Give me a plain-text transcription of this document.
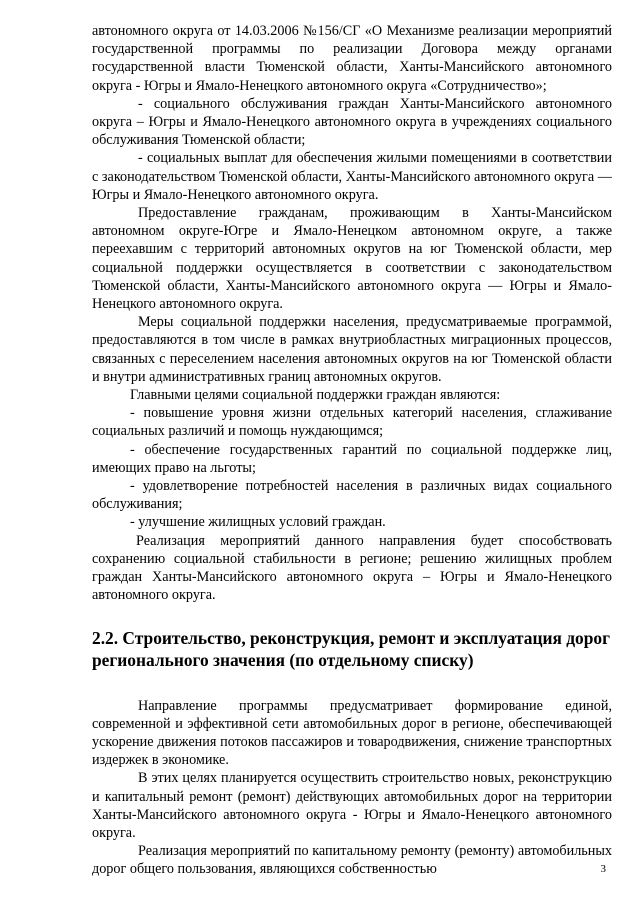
автономного округа от 14.03.2006 №156/СГ «О Механизме реализации мероприятий государственной программы по реализации Договора между органами государственной власти Тюменской области, Ханты-Мансийского автономного округа - Югры и Ямало-Ненецкого автономного округа «Сотрудничество»;

- социального обслуживания граждан Ханты-Мансийского автономного округа – Югры и Ямало-Ненецкого автономного округа в учреждениях социального обслуживания Тюменской области;

- социальных выплат для обеспечения жилыми помещениями в соответствии с законодательством Тюменской области, Ханты-Мансийского автономного округа — Югры и Ямало-Ненецкого автономного округа.

Предоставление гражданам, проживающим в Ханты-Мансийском автономном округе-Югре и Ямало-Ненецком автономном округе, а также переехавшим с территорий автономных округов на юг Тюменской области, мер социальной поддержки осуществляется в соответствии с законодательством Тюменской области, Ханты-Мансийского автономного округа — Югры и Ямало-Ненецкого автономного округа.

Меры социальной поддержки населения, предусматриваемые программой, предоставляются в том числе в рамках внутриобластных миграционных процессов, связанных с переселением населения автономных округов на юг Тюменской области и внутри административных границ автономных округов.

Главными целями социальной поддержки граждан являются:

- повышение уровня жизни отдельных категорий населения, сглаживание социальных различий и помощь нуждающимся;

- обеспечение государственных гарантий по социальной поддержке лиц, имеющих право на льготы;

- удовлетворение потребностей населения в различных видах социального обслуживания;

- улучшение жилищных условий граждан.

Реализация мероприятий данного направления будет способствовать сохранению социальной стабильности в регионе; решению жилищных проблем граждан Ханты-Мансийского автономного округа – Югры и Ямало-Ненецкого автономного округа.

2.2. Строительство, реконструкция, ремонт и эксплуатация дорог регионального значения (по отдельному списку)

Направление программы предусматривает формирование единой, современной и эффективной сети автомобильных дорог в регионе, обеспечивающей ускорение движения потоков пассажиров и товародвижения, снижение транспортных издержек в экономике.

В этих целях планируется осуществить строительство новых, реконструкцию и капитальный ремонт (ремонт) действующих автомобильных дорог на территории Ханты-Мансийского автономного округа - Югры и Ямало-Ненецкого автономного округа.

Реализация мероприятий по капитальному ремонту (ремонту) автомобильных дорог общего пользования, являющихся собственностью	3
